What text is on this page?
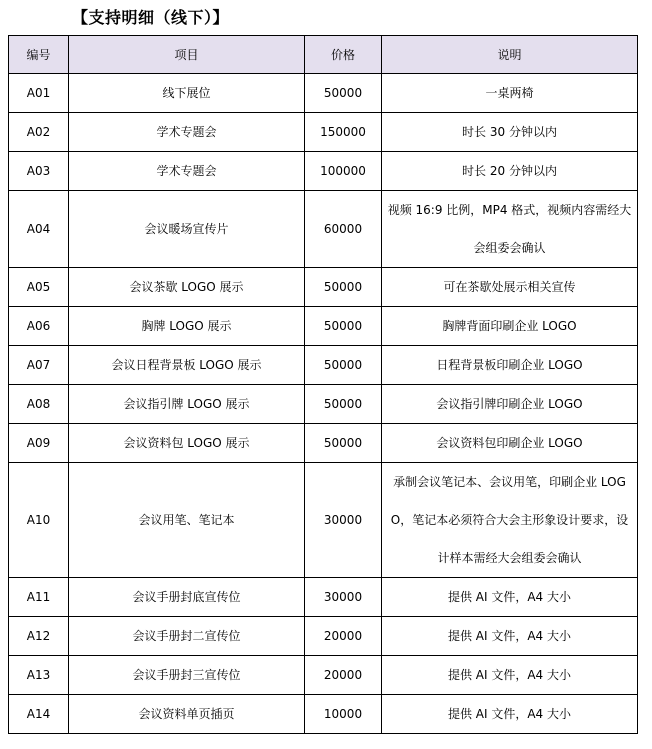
【支持明细（线下）】
编号	项目	价格	说明
A01	线下展位	50000	一桌两椅
A02	学术专题会	150000	时长 30 分钟以内
A03	学术专题会	100000	时长 20 分钟以内
A04	会议暖场宣传片	60000	视频 16:9 比例，MP4 格式，视频内容需经大会组委会确认
A05	会议茶歇 LOGO 展示	50000	可在茶歇处展示相关宣传
A06	胸牌 LOGO 展示	50000	胸牌背面印刷企业 LOGO
A07	会议日程背景板 LOGO 展示	50000	日程背景板印刷企业 LOGO
A08	会议指引牌 LOGO 展示	50000	会议指引牌印刷企业 LOGO
A09	会议资料包 LOGO 展示	50000	会议资料包印刷企业 LOGO
A10	会议用笔、笔记本	30000	承制会议笔记本、会议用笔，印刷企业 LOGO，笔记本必须符合大会主形象设计要求，设计样本需经大会组委会确认
A11	会议手册封底宣传位	30000	提供 AI 文件，A4 大小
A12	会议手册封二宣传位	20000	提供 AI 文件，A4 大小
A13	会议手册封三宣传位	20000	提供 AI 文件，A4 大小
A14	会议资料单页插页	10000	提供 AI 文件，A4 大小
